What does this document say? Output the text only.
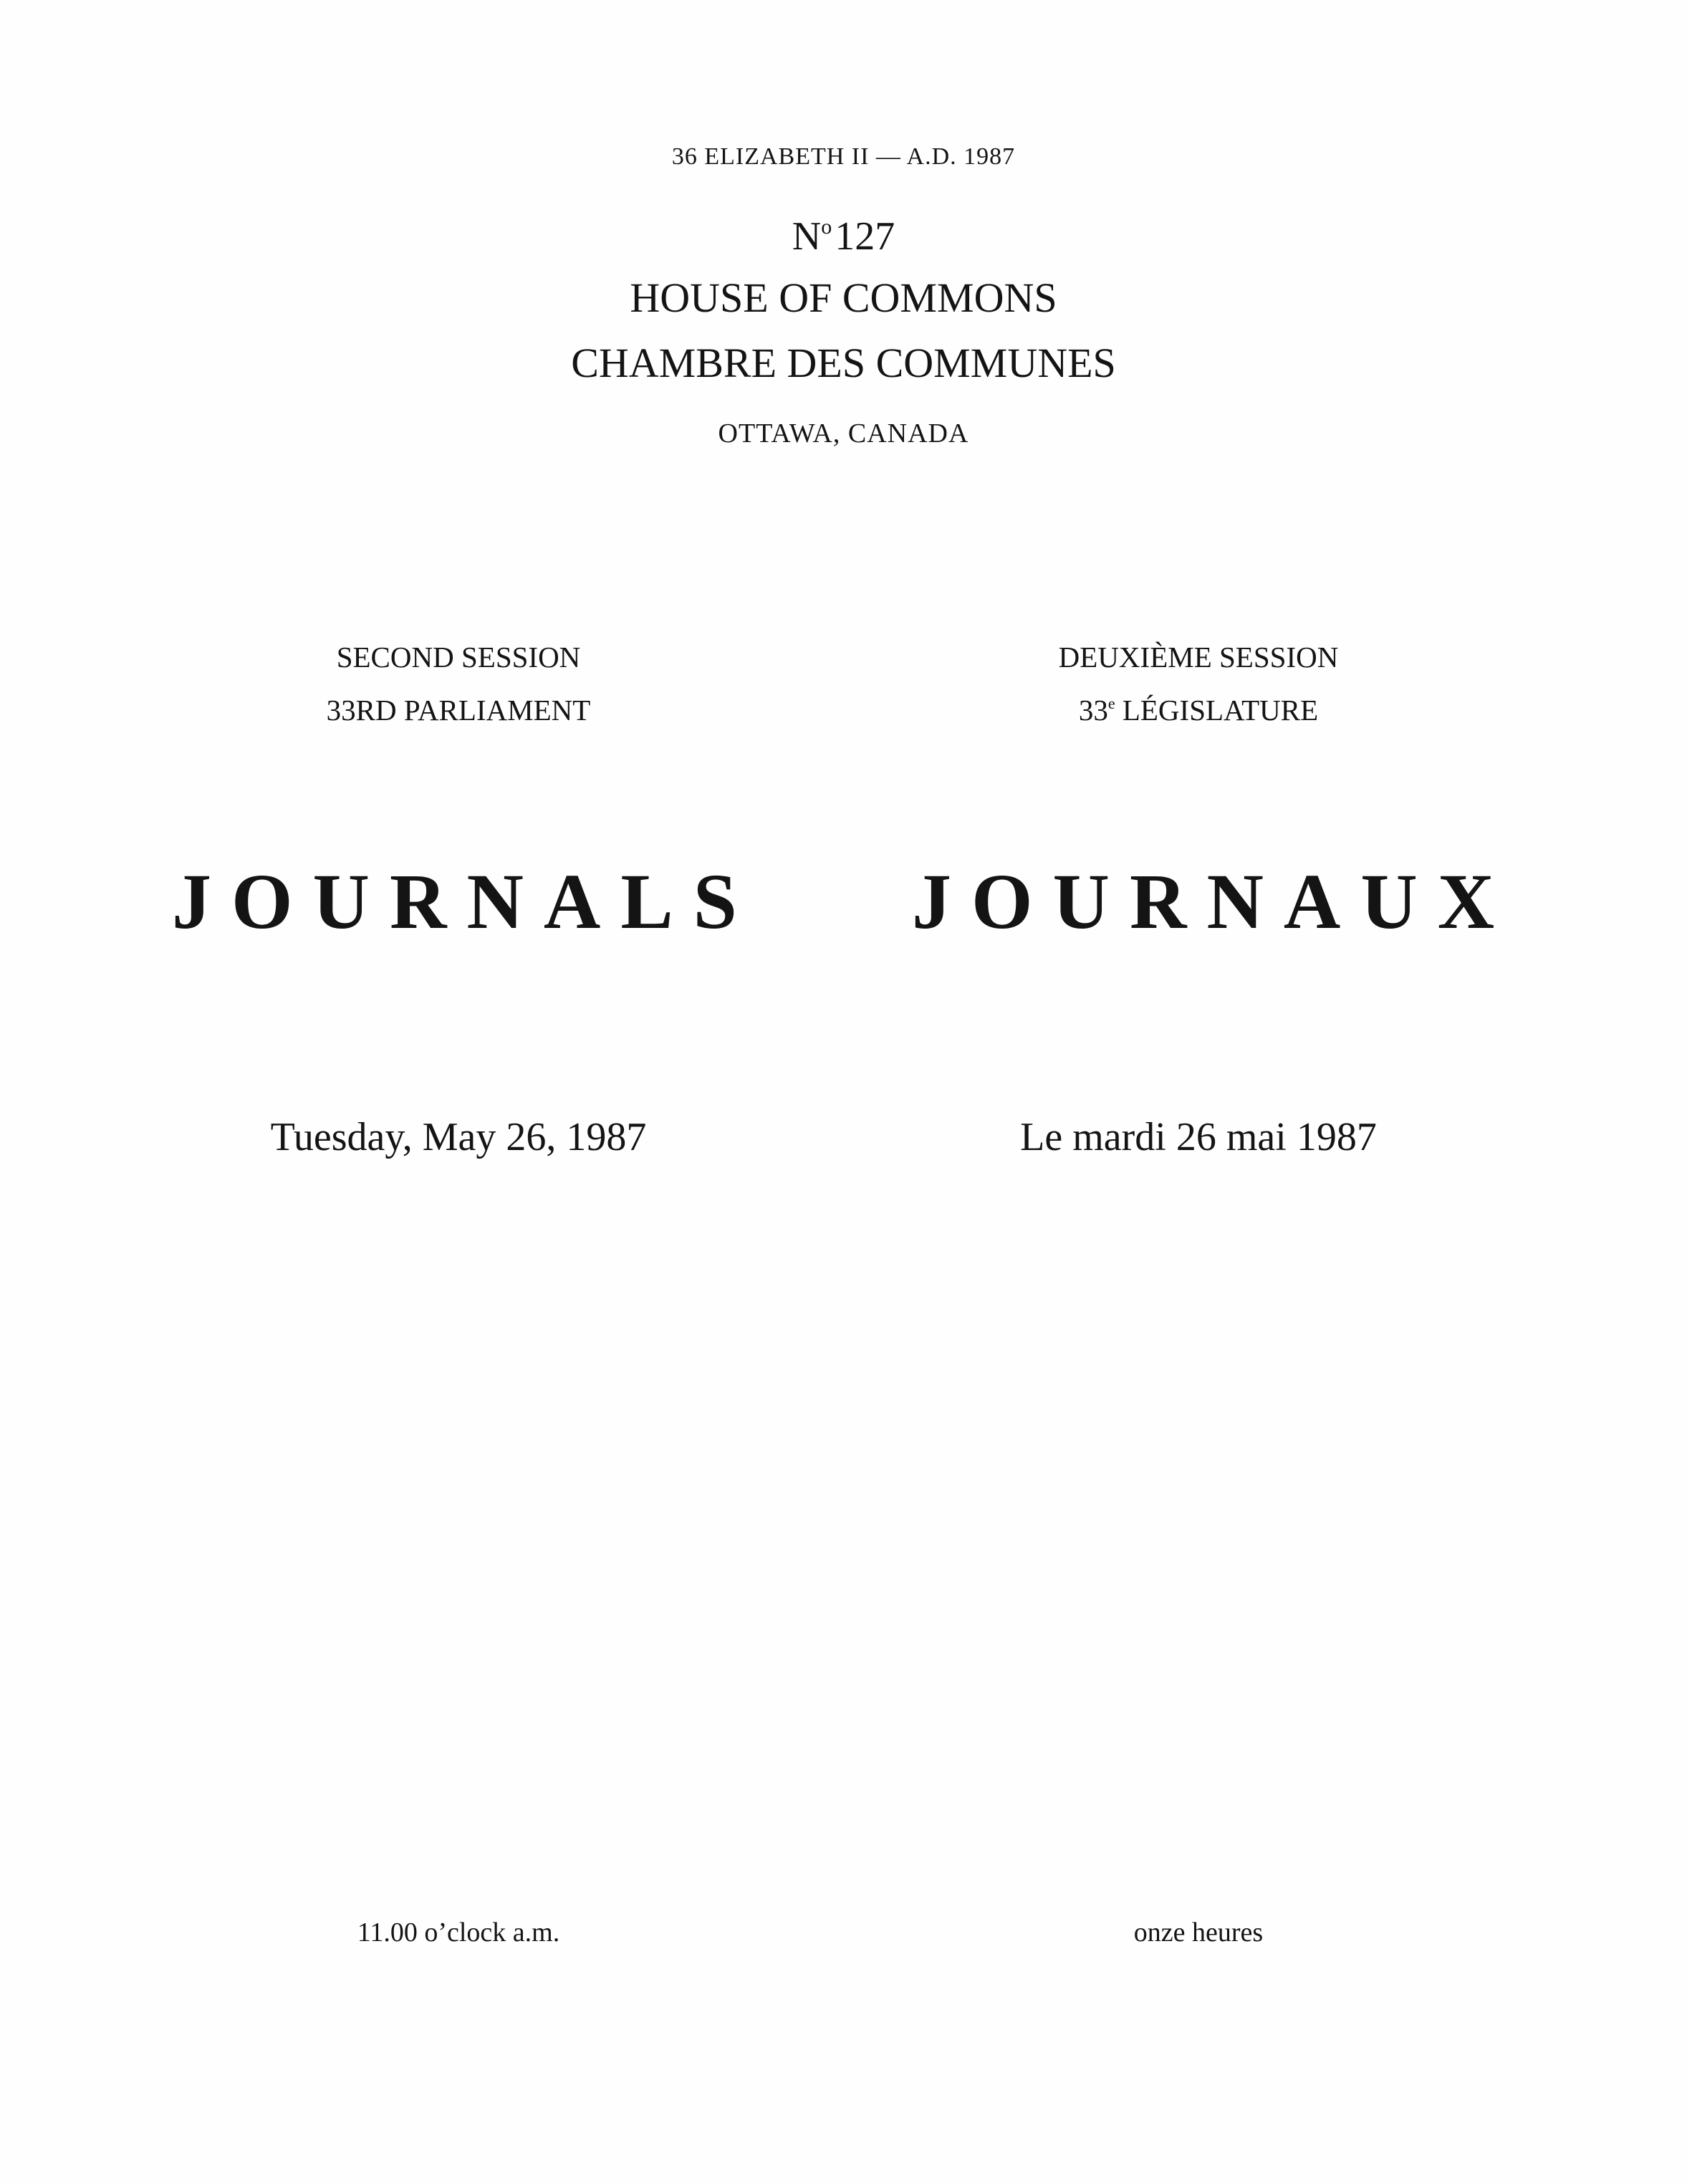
36 ELIZABETH II — A.D. 1987
$N^o127$
HOUSE OF COMMONS
CHAMBRE DES COMMUNES
OTTAWA, CANADA
SECOND SESSION	DEUXIÈME SESSION
33RD PARLIAMENT	33e LÉGISLATURE
JOURNALS JOURNAUX
Tuesday, May 26, 1987	Le mardi 26 mai 1987
11.00 o’clock a.m.	onze heures
